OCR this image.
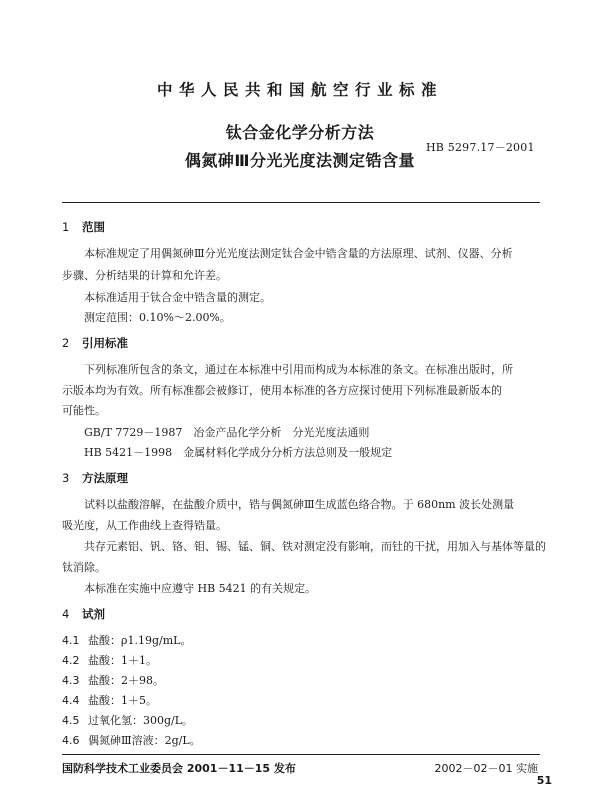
中华人民共和国航空行业标准
钛合金化学分析方法
偶氮砷Ⅲ分光光度法测定锆含量
HB 5297.17－2001
1 范围
本标准规定了用偶氮砷Ⅲ分光光度法测定钛合金中锆含量的方法原理、试剂、仪器、分析
步骤、分析结果的计算和允许差。
本标准适用于钛合金中锆含量的测定。
测定范围：0.10%～2.00%。
2 引用标准
下列标准所包含的条文，通过在本标准中引用而构成为本标准的条文。在标准出版时，所
示版本均为有效。所有标准都会被修订，使用本标准的各方应探讨使用下列标准最新版本的
可能性。
GB/T 7729－1987　冶金产品化学分析　分光光度法通则
HB 5421－1998　金属材料化学成分分析方法总则及一般规定
3 方法原理
试料以盐酸溶解，在盐酸介质中，锆与偶氮砷Ⅲ生成蓝色络合物。于 680nm 波长处测量
吸光度，从工作曲线上查得锆量。
共存元素铝、钒、铬、钼、锡、锰、铜、铁对测定没有影响，而钍的干扰，用加入与基体等量的
钛消除。
本标准在实施中应遵守 HB 5421 的有关规定。
4 试剂
4.1 盐酸：ρ1.19g/mL。
4.2 盐酸：1＋1。
4.3 盐酸：2＋98。
4.4 盐酸：1＋5。
4.5 过氧化氢：300g/L。
4.6 偶氮砷Ⅲ溶液：2g/L。
国防科学技术工业委员会 2001－11－15 发布	2002－02－01 实施
51
